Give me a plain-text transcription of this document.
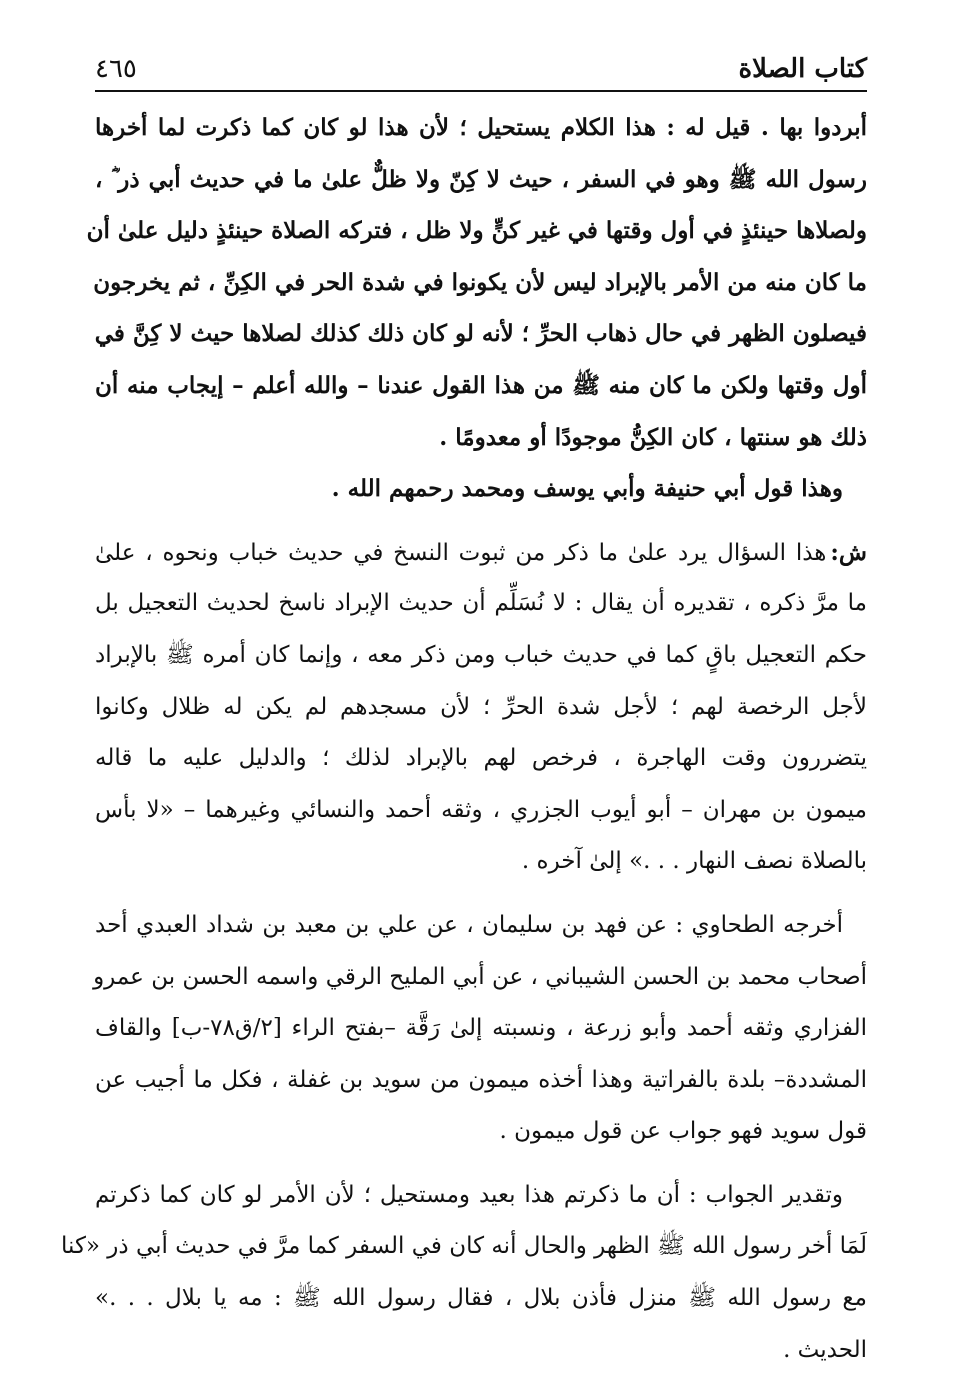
كتاب الصلاة
٤٦٥
أبردوا بها . قيل له : هذا الكلام يستحيل ؛ لأن هذا لو كان كما ذكرت لما أخرها
رسول الله ﷺ وهو في السفر ، حيث لا كِنّ ولا ظلٌّ علىٰ ما في حديث أبي ذر ؓ ،
ولصلاها حينئذٍ في أول وقتها في غير كنٍّ ولا ظل ، فتركه الصلاة حينئذٍ دليل علىٰ أن
ما كان منه من الأمر بالإبراد ليس لأن يكونوا في شدة الحر في الكِنِّ ، ثم يخرجون
فيصلون الظهر في حال ذهاب الحرِّ ؛ لأنه لو كان ذلك كذلك لصلاها حيث لا كِنَّ في
أول وقتها ولكن ما كان منه ﷺ من هذا القول عندنا – والله أعلم – إيجاب منه أن
ذلك هو سنتها ، كان الكِنُّ موجودًا أو معدومًا .
وهذا قول أبي حنيفة وأبي يوسف ومحمد رحمهم الله .
ش:هذا السؤال يرد علىٰ ما ذكر من ثبوت النسخ في حديث خباب ونحوه ، علىٰ
ما مرَّ ذكره ، تقديره أن يقال : لا نُسَلِّم أن حديث الإبراد ناسخ لحديث التعجيل بل
حكم التعجيل باقٍ كما في حديث خباب ومن ذكر معه ، وإنما كان أمره ﷺ بالإبراد
لأجل الرخصة لهم ؛ لأجل شدة الحرِّ ؛ لأن مسجدهم لم يكن له ظلال وكانوا
يتضررون وقت الهاجرة ، فرخص لهم بالإبراد لذلك ؛ والدليل عليه ما قاله
ميمون بن مهران – أبو أيوب الجزري ، وثقه أحمد والنسائي وغيرهما – «لا بأس
بالصلاة نصف النهار . . .» إلىٰ آخره .
أخرجه الطحاوي : عن فهد بن سليمان ، عن علي بن معبد بن شداد العبدي أحد
أصحاب محمد بن الحسن الشيباني ، عن أبي المليح الرقي واسمه الحسن بن عمرو
الفزاري وثقه أحمد وأبو زرعة ، ونسبته إلىٰ رَقَّة –بفتح الراء [٢/ق٧٨-ب] والقاف
المشددة– بلدة بالفراتية وهذا أخذه ميمون من سويد بن غفلة ، فكل ما أجيب عن
قول سويد فهو جواب عن قول ميمون .
وتقدير الجواب : أن ما ذكرتم هذا بعيد ومستحيل ؛ لأن الأمر لو كان كما ذكرتم
لَمَا أخر رسول الله ﷺ الظهر والحال أنه كان في السفر كما مرَّ في حديث أبي ذر «كنا
مع رسول الله ﷺ منزل فأذن بلال ، فقال رسول الله ﷺ : مه يا بلال . . .»
الحديث .
